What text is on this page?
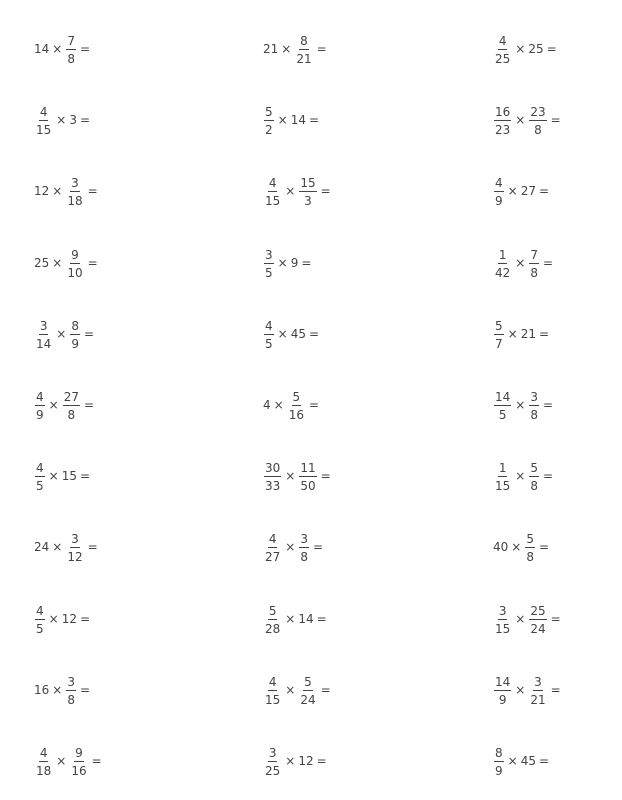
$14 \times \frac{7}{8}$ =	$21 \times \frac{8}{21}$ =	$\frac{4}{25} \times 25$ =
$\frac{4}{15} \times 3$ =	$\frac{5}{2} \times 14$ =	$\frac{16}{23} \times \frac{23}{8}$ =
$12 \times \frac{3}{18}$ =	$\frac{4}{15} \times \frac{15}{3}$ =	$\frac{4}{9} \times 27$ =
$25 \times \frac{9}{10}$ =	$\frac{3}{5} \times 9$ =	$\frac{1}{42} \times \frac{7}{8}$ =
$\frac{3}{14} \times \frac{8}{9}$ =	$\frac{4}{5} \times 45$ =	$\frac{5}{7} \times 21$ =
$\frac{4}{9} \times \frac{27}{8}$ =	$4 \times \frac{5}{16}$ =	$\frac{14}{5} \times \frac{3}{8}$ =
$\frac{4}{5} \times 15$ =	$\frac{30}{33} \times \frac{11}{50}$ =	$\frac{1}{15} \times \frac{5}{8}$ =
$24 \times \frac{3}{12}$ =	$\frac{4}{27} \times \frac{3}{8}$ =	$40 \times \frac{5}{8}$ =
$\frac{4}{5} \times 12$ =	$\frac{5}{28} \times 14$ =	$\frac{3}{15} \times \frac{25}{24}$ =
$16 \times \frac{3}{8}$ =	$\frac{4}{15} \times \frac{5}{24}$ =	$\frac{14}{9} \times \frac{3}{21}$ =
$\frac{4}{18} \times \frac{9}{16}$ =	$\frac{3}{25} \times 12$ =	$\frac{8}{9} \times 45$ =
